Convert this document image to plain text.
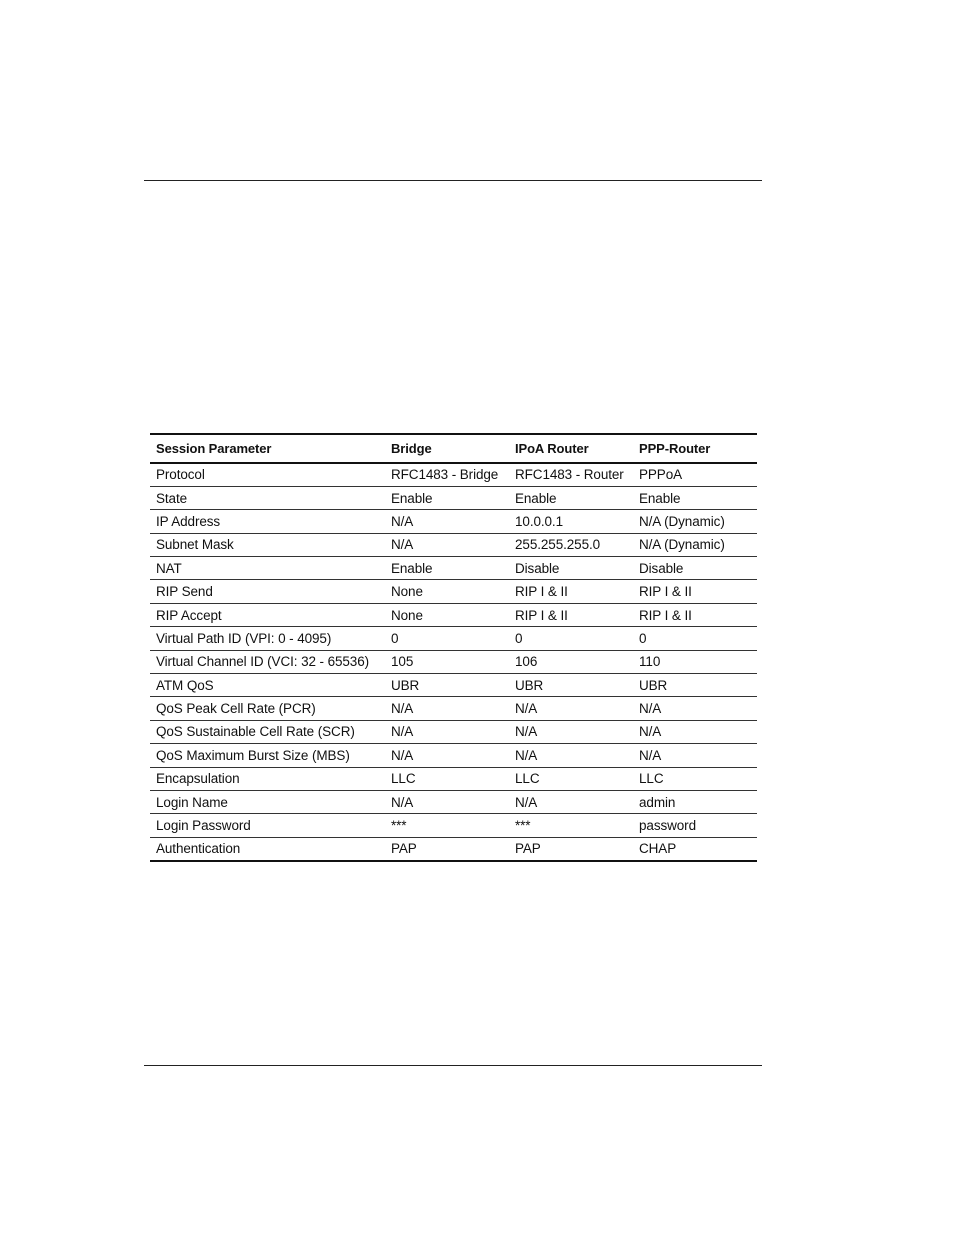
Session Parameter	Bridge	IPoA Router	PPP-Router
Protocol	RFC1483 - Bridge	RFC1483 - Router	PPPoA
State	Enable	Enable	Enable
IP Address	N/A	10.0.0.1	N/A (Dynamic)
Subnet Mask	N/A	255.255.255.0	N/A (Dynamic)
NAT	Enable	Disable	Disable
RIP Send	None	RIP I & II	RIP I & II
RIP Accept	None	RIP I & II	RIP I & II
Virtual Path ID (VPI: 0 - 4095)	0	0	0
Virtual Channel ID (VCI: 32 - 65536)	105	106	110
ATM QoS	UBR	UBR	UBR
QoS Peak Cell Rate (PCR)	N/A	N/A	N/A
QoS Sustainable Cell Rate (SCR)	N/A	N/A	N/A
QoS Maximum Burst Size (MBS)	N/A	N/A	N/A
Encapsulation	LLC	LLC	LLC
Login Name	N/A	N/A	admin
Login Password	***	***	password
Authentication	PAP	PAP	CHAP
